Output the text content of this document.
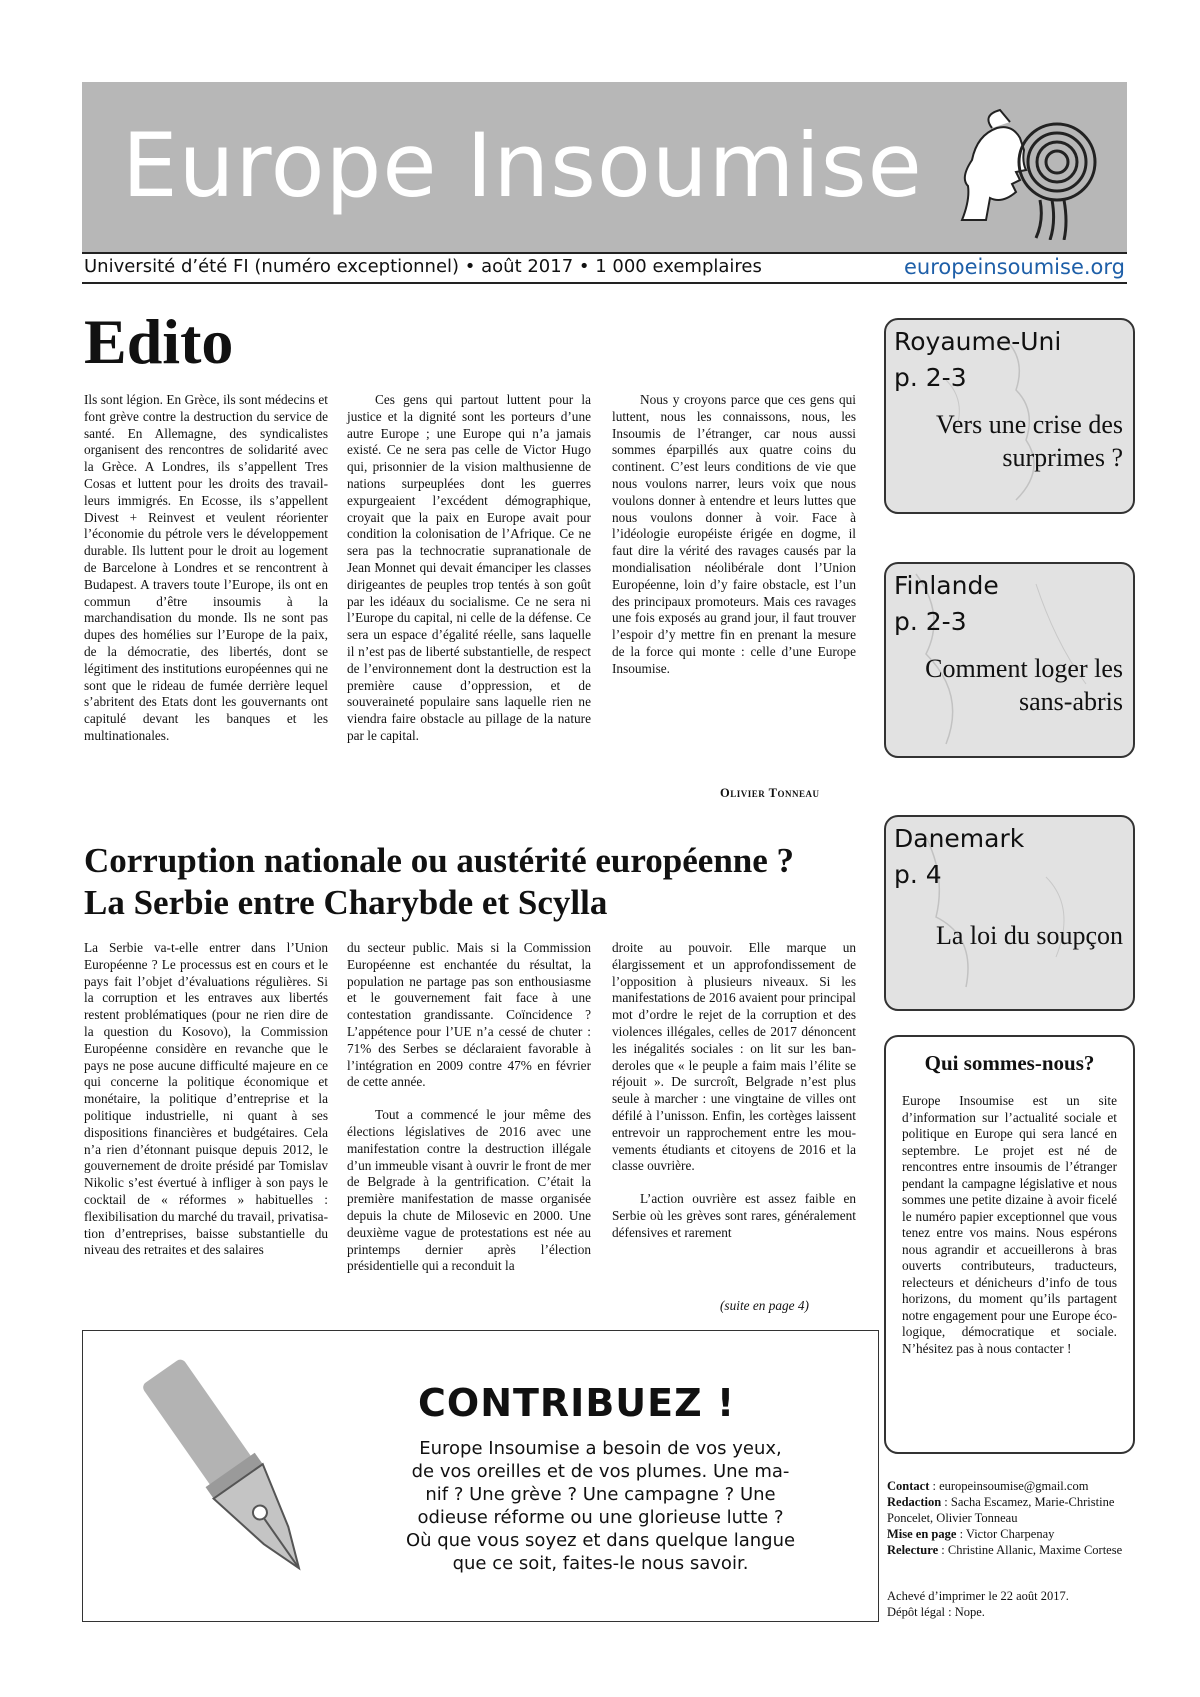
Europe Insoumise
Université d’été FI (numéro exceptionnel) • août 2017 • 1 000 exemplaires	europeinsoumise.org
Edito

Ils sont légion. En Grèce, ils sont médecins et font grève contre la destruction du service de santé. En Allemagne, des syndicalistes organisent des rencontres de solidarité avec la Grèce. A Londres, ils s’appellent Tres Cosas et luttent pour les droits des travailleurs immigrés. En Ecosse, ils s’appellent Divest + Reinvest et veulent réorienter l’économie du pétrole vers le développement durable. Ils luttent pour le droit au logement de Barcelone à Londres et se rencontrent à Budapest. A travers toute l’Europe, ils ont en commun d’être insoumis à la marchandisation du monde. Ils ne sont pas dupes des homélies sur l’Europe de la paix, de la démocratie, des libertés, dont se légitiment des institutions européennes qui ne sont que le rideau de fumée derrière lequel s’abritent des Etats dont les gouvernants ont capitulé devant les banques et les multinationales.

Ces gens qui partout luttent pour la justice et la dignité sont les porteurs d’une autre Europe ; une Europe qui n’a jamais existé. Ce ne sera pas celle de Victor Hugo qui, prisonnier de la vision malthusienne de nations surpeuplées dont les guerres expurgeaient l’excédent démographique, croyait que la paix en Europe avait pour condition la colonisation de l’Afrique. Ce ne sera pas la technocratie supranationale de Jean Monnet qui devait émanciper les classes dirigeantes de peuples trop tentés à son goût par les idéaux du socialisme. Ce ne sera ni l’Europe du capital, ni celle de la défense. Ce sera un espace d’égalité réelle, sans laquelle il n’est pas de liberté substantielle, de respect de l’environnement dont la destruction est la première cause d’oppression, et de souveraineté populaire sans laquelle rien ne viendra faire obstacle au pillage de la nature par le capital.

Nous y croyons parce que ces gens qui luttent, nous les connaissons, nous, les Insoumis de l’étranger, car nous aussi sommes éparpillés aux quatre coins du continent. C’est leurs conditions de vie que nous voulons narrer, leurs voix que nous voulons donner à entendre et leurs luttes que nous voulons donner à voir. Face à l’idéologie européiste érigée en dogme, il faut dire la vérité des ravages causés par la mondialisation néolibérale dont l’Union Européenne, loin d’y faire obstacle, est l’un des principaux promoteurs. Mais ces ravages une fois exposés au grand jour, il faut trouver l’espoir d’y mettre fin en prenant la mesure de la force qui monte : celle d’une Europe Insoumise.

Olivier Tonneau
Corruption nationale ou austérité européenne ?
La Serbie entre Charybde et Scylla

La Serbie va-t-elle entrer dans l’Union Européenne ? Le processus est en cours et le pays fait l’objet d’évaluations régulières. Si la corruption et les entraves aux libertés restent problématiques (pour ne rien dire de la question du Kosovo), la Commission Européenne considère en revanche que le pays ne pose aucune difficulté majeure en ce qui concerne la politique économique et monétaire, la politique d’entreprise et la politique industrielle, ni quant à ses dispositions financières et budgétaires. Cela n’a rien d’étonnant puisque depuis 2012, le gouvernement de droite présidé par Tomislav Nikolic s’est évertué à infliger à son pays le cocktail de « réformes » habituelles : flexibilisation du marché du travail, privatisation d’entreprises, baisse substantielle du niveau des retraites et des salaires

du secteur public. Mais si la Commission Européenne est enchantée du résultat, la population ne partage pas son enthousiasme et le gouvernement fait face à une contestation grandissante. Coïncidence ? L’appétence pour l’UE n’a cessé de chuter : 71% des Serbes se déclaraient favorable à l’intégration en 2009 contre 47% en février de cette année.

Tout a commencé le jour même des élections législatives de 2016 avec une manifestation contre la destruction illégale d’un immeuble visant à ouvrir le front de mer de Belgrade à la gentrification. C’était la première manifestation de masse organisée depuis la chute de Milosevic en 2000. Une deuxième vague de protestations est née au printemps dernier après l’élection présidentielle qui a reconduit la

droite au pouvoir. Elle marque un élargissement et un approfondissement de l’opposition à plusieurs niveaux. Si les manifestations de 2016 avaient pour principal mot d’ordre le rejet de la corruption et des violences illégales, celles de 2017 dénoncent les inégalités sociales : on lit sur les banderoles que « le peuple a faim mais l’élite se réjouit ». De surcroît, Belgrade n’est plus seule à marcher : une vingtaine de villes ont défilé à l’unisson. Enfin, les cortèges laissent entrevoir un rapprochement entre les mouvements étudiants et citoyens de 2016 et la classe ouvrière.

L’action ouvrière est assez faible en Serbie où les grèves sont rares, généralement défensives et rarement

(suite en page 4)
Royaume-Uni
p. 2-3
Vers une crise des
surprimes ?
Finlande
p. 2-3
Comment loger les
sans-abris
Danemark
p. 4
La loi du soupçon
Qui sommes-nous?
Europe Insoumise est un site d’information sur l’actualité sociale et politique en Europe qui sera lancé en septembre. Le projet est né de rencontres entre insoumis de l’étranger pendant la campagne législative et nous sommes une petite dizaine à avoir ficelé le numéro papier exceptionnel que vous tenez entre vos mains. Nous espérons nous agrandir et accueillerons à bras ouverts contributeurs, traducteurs, relecteurs et dénicheurs d’info de tous horizons, du moment qu’ils partagent notre engagement pour une Europe écologique, démocratique et sociale. N’hésitez pas à nous contacter !
CONTRIBUEZ !
Europe Insoumise a besoin de vos yeux,
de vos oreilles et de vos plumes. Une ma-
nif ? Une grève ? Une campagne ? Une
odieuse réforme ou une glorieuse lutte ?
Où que vous soyez et dans quelque langue
que ce soit, faites-le nous savoir.

Contact : europeinsoumise@gmail.com

Redaction : Sacha Escamez, Marie-Christine Poncelet, Olivier Tonneau

Mise en page : Victor Charpenay

Relecture : Christine Allanic, Maxime Cortese

Achevé d’imprimer le 22 août 2017.
Dépôt légal : Nope.
